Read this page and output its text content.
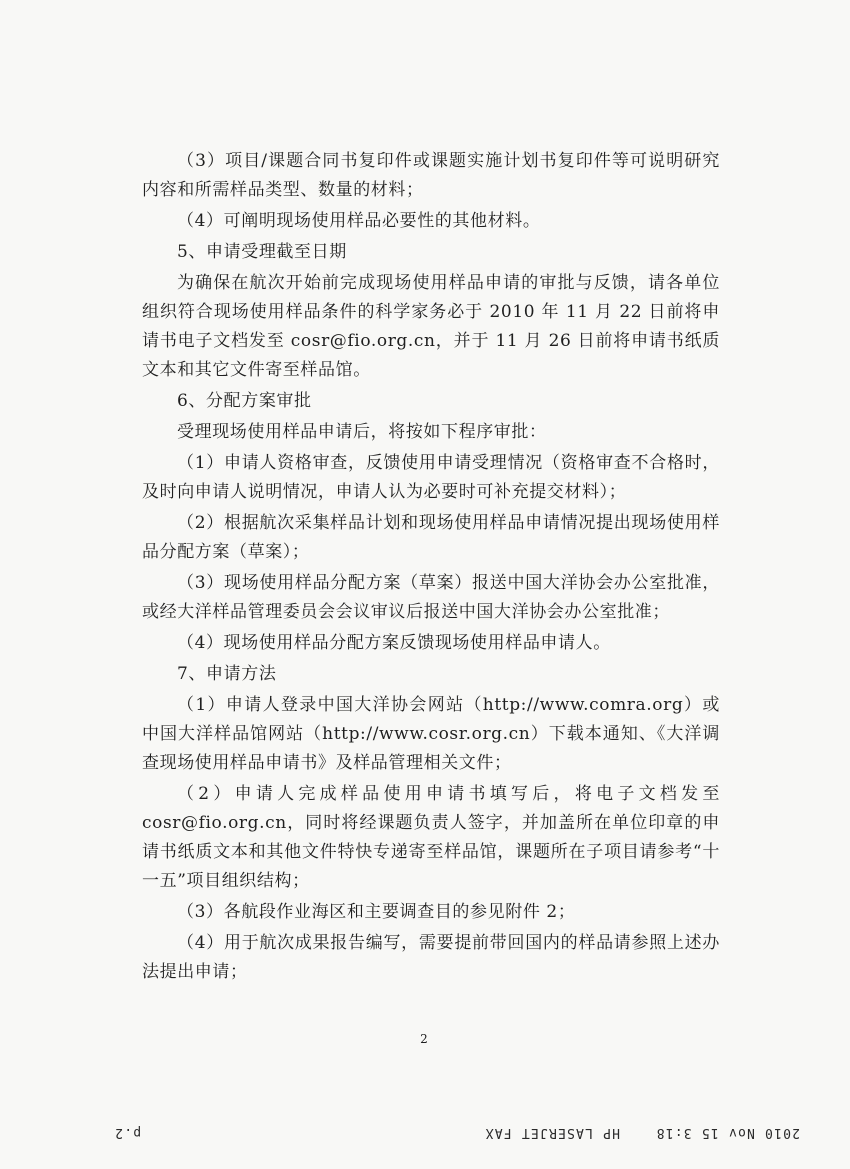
（3）项目/课题合同书复印件或课题实施计划书复印件等可说明研究内容和所需样品类型、数量的材料；

（4）可阐明现场使用样品必要性的其他材料。

5、申请受理截至日期

为确保在航次开始前完成现场使用样品申请的审批与反馈，请各单位组织符合现场使用样品条件的科学家务必于 2010 年 11 月 22 日前将申请书电子文档发至 cosr@fio.org.cn，并于 11 月 26 日前将申请书纸质文本和其它文件寄至样品馆。

6、分配方案审批

受理现场使用样品申请后，将按如下程序审批：

（1）申请人资格审查，反馈使用申请受理情况（资格审查不合格时，及时向申请人说明情况，申请人认为必要时可补充提交材料）；

（2）根据航次采集样品计划和现场使用样品申请情况提出现场使用样品分配方案（草案）；

（3）现场使用样品分配方案（草案）报送中国大洋协会办公室批准，或经大洋样品管理委员会会议审议后报送中国大洋协会办公室批准；

（4）现场使用样品分配方案反馈现场使用样品申请人。

7、申请方法

（1）申请人登录中国大洋协会网站（http://www.comra.org）或中国大洋样品馆网站（http://www.cosr.org.cn）下载本通知、《大洋调查现场使用样品申请书》及样品管理相关文件；

（2）申请人完成样品使用申请书填写后，将电子文档发至 cosr@fio.org.cn，同时将经课题负责人签字，并加盖所在单位印章的申请书纸质文本和其他文件特快专递寄至样品馆，课题所在子项目请参考“十一五”项目组织结构；

（3）各航段作业海区和主要调查目的参见附件 2；

（4）用于航次成果报告编写，需要提前带回国内的样品请参照上述办法提出申请；

2
2010 Nov 15 3:18
HP LASERJET FAX
p.2
